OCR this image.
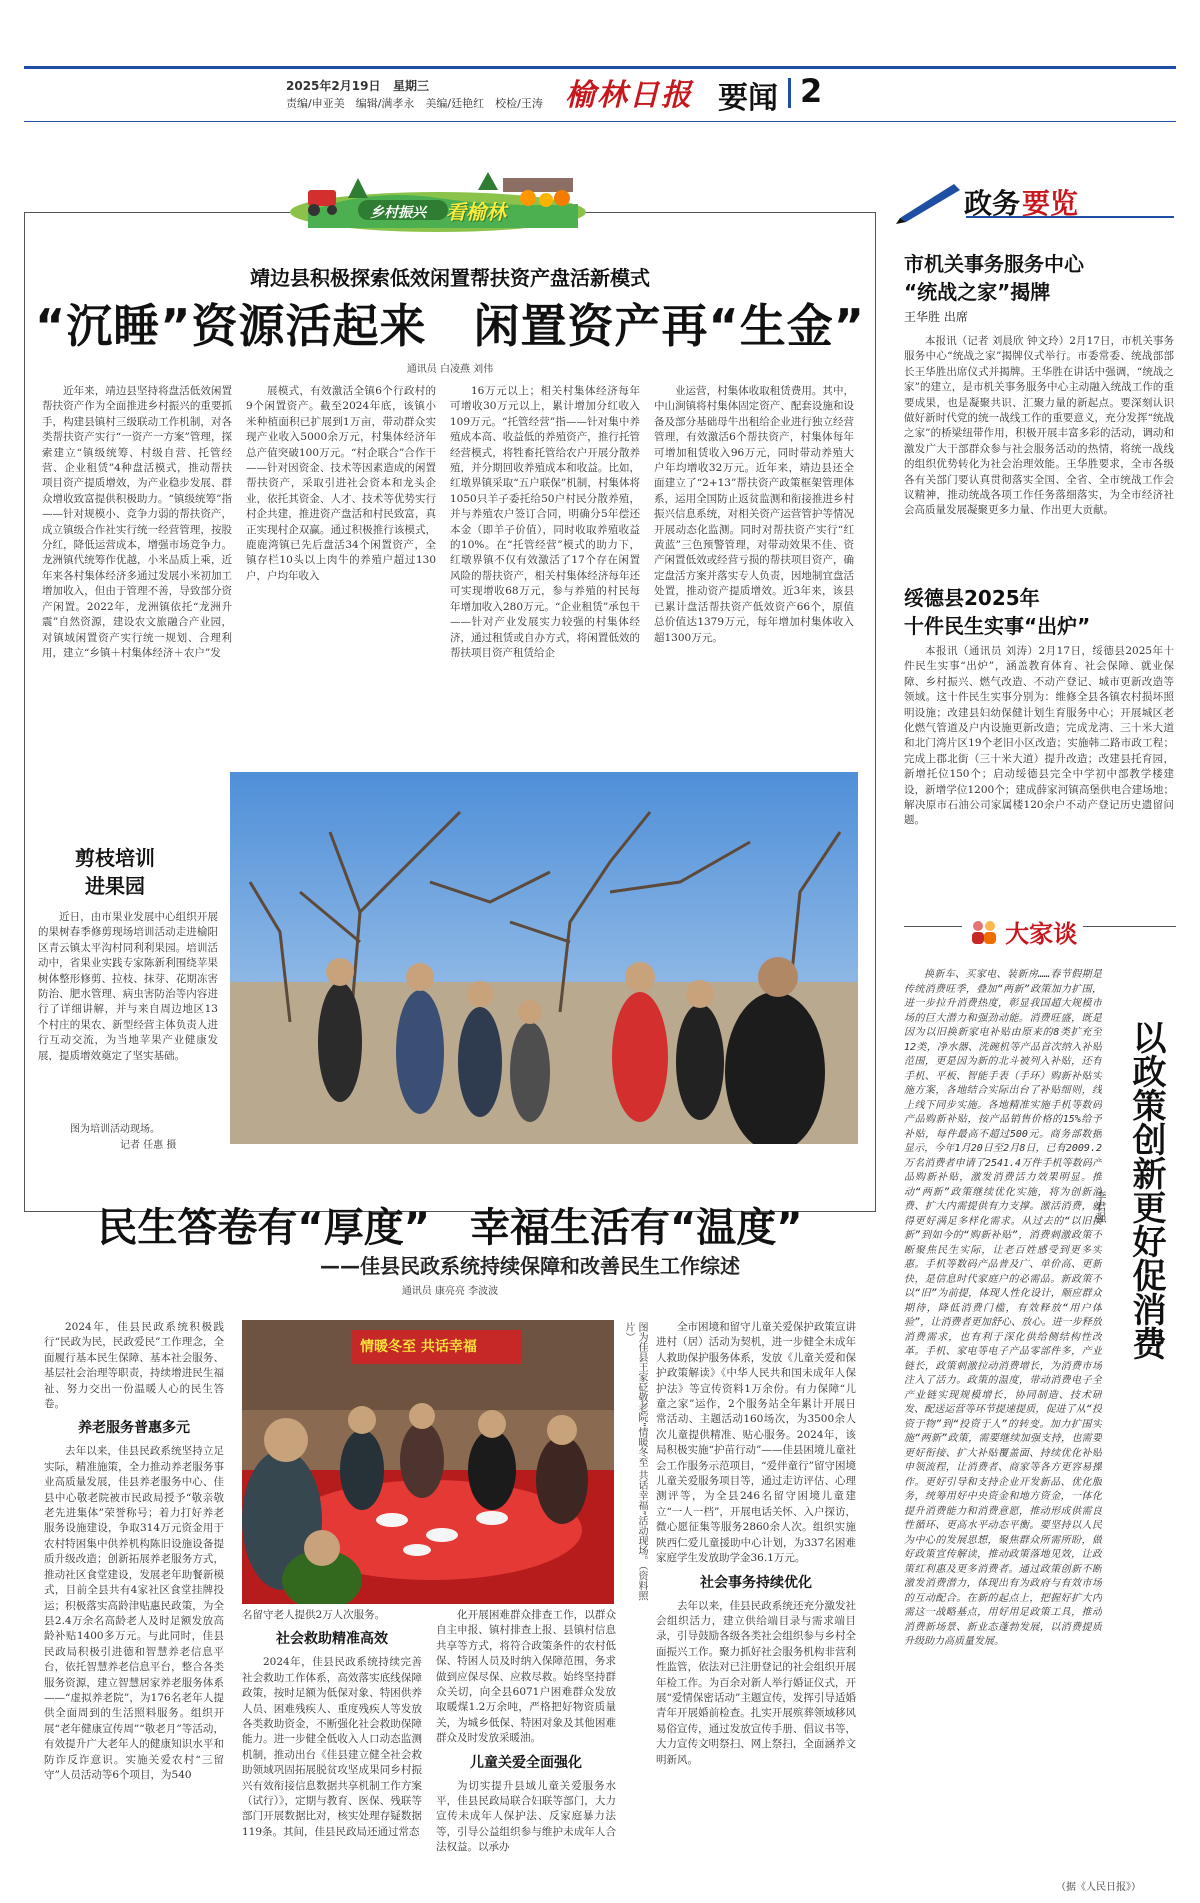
2025年2月19日 星期三
责编/申亚美　编辑/满孝永　美编/廷艳红　校检/王涛 榆林日报 要闻 2
乡村振兴 看榆林
靖边县积极探索低效闲置帮扶资产盘活新模式
“沉睡”资源活起来　闲置资产再“生金”
通讯员 白凌燕 刘伟

近年来，靖边县坚持将盘活低效闲置帮扶资产作为全面推进乡村振兴的重要抓手，构建县镇村三级联动工作机制，对各类帮扶资产实行“一资产一方案”管理，探索建立“镇级统筹、村级自营、托管经营、企业租赁”4种盘活模式，推动帮扶项目资产提质增效，为产业稳步发展、群众增收致富提供积极助力。“镇级统筹”指——针对规模小、竞争力弱的帮扶资产，成立镇级合作社实行统一经营管理，按股分红，降低运营成本，增强市场竞争力。龙洲镇代统筹作优越，小米品质上乘，近年来各村集体经济多通过发展小米初加工增加收入，但由于管理不善，导致部分资产闲置。2022年，龙洲镇依托“龙洲升震”自然资源，建设农文旅融合产业园，对镇域闲置资产实行统一规划、合理利用，建立“乡镇＋村集体经济＋农户”发

展模式，有效激活全镇6个行政村的9个闲置资产。截至2024年底，该镇小米种植面积已扩展到1万亩，带动群众实现产业收入5000余万元，村集体经济年总产值突破100万元。“村企联合”合作干——针对因资金、技术等因素造成的闲置帮扶资产，采取引进社会资本和龙头企业，依托其资金、人才、技术等优势实行村企共建，推进资产盘活和村民致富，真正实现村企双赢。通过积极推行该模式，鹿鹿湾镇已先后盘活34个闲置资产，全镇存栏10头以上肉牛的养殖户超过130户，户均年收入

16万元以上；相关村集体经济每年可增收30万元以上，累计增加分红收入109万元。“托管经营”指——针对集中养殖成本高、收益低的养殖资产，推行托管经营模式，将牲畜托管给农户开展分散养殖，并分期回收养殖成本和收益。比如，红墩界镇采取“五户联保”机制，村集体将1050只羊子委托给50户村民分散养殖，并与养殖农户签订合同，明确分5年偿还本金（即羊子价值），同时收取养殖收益的10%。在“托管经营”模式的助力下，红墩界镇不仅有效激活了17个存在闲置风险的帮扶资产，相关村集体经济每年还可实现增收68万元，参与养殖的村民每年增加收入280万元。“企业租赁”承包干——针对产业发展实力较强的村集体经济，通过租赁或自办方式，将闲置低效的帮扶项目资产租赁给企

业运营，村集体收取租赁费用。其中，中山涧镇将村集体固定资产、配套设施和设备及部分基础母牛出租给企业进行独立经营管理，有效激活6个帮扶资产，村集体每年可增加租赁收入96万元，同时带动养殖大户年均增收32万元。近年来，靖边县还全面建立了“2+13”帮扶资产政策框架管理体系，运用全国防止返贫监测和衔接推进乡村振兴信息系统，对相关资产运营管护等情况开展动态化监测。同时对帮扶资产实行“红黄蓝”三色预警管理，对带动效果不佳、资产闲置低效或经营亏损的帮扶项目资产，确定盘活方案并落实专人负责，因地制宜盘活处置，推动资产提质增效。近3年来，该县已累计盘活帮扶资产低效资产66个，原值总价值达1379万元，每年增加村集体收入超1300万元。

剪枝培训
进果园

近日，由市果业发展中心组织开展的果树春季修剪现场培训活动走进榆阳区青云镇太平沟村同利利果园。培训活动中，省果业实践专家陈新利围绕苹果树体整形修剪、拉枝、抹芽、花期冻害防治、肥水管理、病虫害防治等内容进行了详细讲解，并与来自周边地区13个村庄的果农、新型经营主体负责人进行互动交流，为当地苹果产业健康发展，提质增效奠定了坚实基础。

图为培训活动现场。
记者 任惠 摄
民生答卷有“厚度”　幸福生活有“温度”
——佳县民政系统持续保障和改善民生工作综述
通讯员 康亮亮 李波波

2024年，佳县民政系统积极践行“民政为民，民政爱民”工作理念，全面履行基本民生保障、基本社会服务、基层社会治理等职责，持续增进民生福祉、努力交出一份温暖人心的民生答卷。

养老服务普惠多元

去年以来，佳县民政系统坚持立足实际，精准施策，全力推动养老服务事业高质量发展，佳县养老服务中心、佳县中心敬老院被市民政局授予“敬亲敬老先进集体”荣誉称号；着力打好养老服务设施建设，争取314万元资金用于农村特困集中供养机构陈旧设施设备提质升级改造；创新拓展养老服务方式，推动社区食堂建设，发展老年助餐新模式，目前全县共有4家社区食堂挂牌投运；积极落实高龄津贴惠民政策，为全县2.4万余名高龄老人及时足额发放高龄补贴1400多万元。与此同时，佳县民政局积极引进德和智慧养老信息平台，依托智慧养老信息平台，整合各类服务资源，建立智慧居家养老服务体系——“虚拟养老院”，为176名老年人提供全面周到的生活照料服务。组织开展“老年健康宣传周”“敬老月”等活动，有效提升广大老年人的健康知识水平和防诈反诈意识。实施关爱农村“三留守”人员活动等6个项目，为540

情暖冬至 共话幸福	图为佳县王家砭敬老院“情暖冬至 共话幸福”活动现场。（资料照片）

名留守老人提供2万人次服务。

社会救助精准高效

2024年，佳县民政系统持续完善社会救助工作体系，高效落实底线保障政策，按时足额为低保对象、特困供养人员、困难残疾人、重度残疾人等发放各类救助资金，不断强化社会救助保障能力。进一步健全低收入人口动态监测机制，推动出台《佳县建立健全社会救助领域巩固拓展脱贫攻坚成果同乡村振兴有效衔接信息数据共享机制工作方案（试行）》，定期与教育、医保、残联等部门开展数据比对，核实处理存疑数据119条。其间，佳县民政局还通过常态

化开展困难群众排查工作，以群众自主申报、镇村排查上报、县镇村信息共享等方式，将符合政策条件的农村低保、特困人员及时纳入保障范围，务求做到应保尽保、应救尽救。始终坚持群众关切，向全县6071户困难群众发放取暖煤1.2万余吨，严格把好物资质量关，为城乡低保、特困对象及其他困难群众及时发放采暖油。

儿童关爱全面强化

为切实提升县域儿童关爱服务水平，佳县民政局联合妇联等部门，大力宣传未成年人保护法、反家庭暴力法等，引导公益组织参与维护未成年人合法权益。以承办

全市困境和留守儿童关爱保护政策宣讲进村（居）活动为契机，进一步健全未成年人救助保护服务体系，发放《儿童关爱和保护政策解读》《中华人民共和国未成年人保护法》等宣传资料1万余份。有力保障“儿童之家”运作，2个服务站全年累计开展日常活动、主题活动160场次，为3500余人次儿童提供精准、贴心服务。2024年，该局积极实施“护苗行动”——佳县困境儿童社会工作服务示范项目，“爱伴童行”留守困境儿童关爱服务项目等，通过走访评估、心理测评等，为全县246名留守困境儿童建立“一人一档”，开展电话关怀、入户探访，微心愿征集等服务2860余人次。组织实施陕西仁爱儿童援助中心计划，为337名困难家庭学生发放助学金36.1万元。

社会事务持续优化

去年以来，佳县民政系统还充分激发社会组织活力，建立供给端目录与需求端目录，引导鼓励各级各类社会组织参与乡村全面振兴工作。聚力抓好社会服务机构非营利性监管，依法对已注册登记的社会组织开展年检工作。为百余对新人举行婚证仪式，开展“爱情保密话动”主题宣传，发挥引导适婚青年开展婚前检查。扎实开展殡葬领域移风易俗宣传，通过发放宣传手册、倡议书等，大力宣传文明祭扫、网上祭扫，全面涵养文明新风。

政务 要览
市机关事务服务中心
“统战之家”揭牌
王华胜 出席

本报讯（记者 刘晨欣 钟文玲）2月17日，市机关事务服务中心“统战之家”揭牌仪式举行。市委常委、统战部部长王华胜出席仪式并揭牌。王华胜在讲话中强调，“统战之家”的建立，是市机关事务服务中心主动融入统战工作的重要成果，也是凝聚共识、汇聚力量的新起点。要深刻认识做好新时代党的统一战线工作的重要意义，充分发挥“统战之家”的桥梁纽带作用，积极开展丰富多彩的活动，调动和激发广大干部群众参与社会服务活动的热情，将统一战线的组织优势转化为社会治理效能。王华胜要求，全市各级各有关部门要认真贯彻落实全国、全省、全市统战工作会议精神，推动统战各项工作任务落细落实，为全市经济社会高质量发展凝聚更多力量、作出更大贡献。

绥德县2025年
十件民生实事“出炉”

本报讯（通讯员 刘涛）2月17日，绥德县2025年十件民生实事“出炉”，涵盖教育体育、社会保障、就业保障、乡村振兴、燃气改造、不动产登记、城市更新改造等领域。这十件民生实事分别为：维修全县各镇农村损坏照明设施；改建县妇幼保健计划生育服务中心；开展城区老化燃气管道及户内设施更新改造；完成龙湾、三十米大道和北门湾片区19个老旧小区改造；实施韩二路市政工程；完成上郡北街（三十米大道）提升改造；改建县托育园，新增托位150个；启动绥德县完全中学初中部教学楼建设，新增学位1200个；建成薛家河镇高堡供电合建场地；解决原市石油公司家属楼120余户不动产登记历史遗留问题。

大家谈

换新车、买家电、装新房……春节假期是传统消费旺季，叠加“两新”政策加力扩围，进一步拉升消费热度，彰显我国超大规模市场的巨大潜力和强劲动能。消费旺盛，既是因为以旧换新家电补贴由原来的8类扩充至12类，净水器、洗碗机等产品首次纳入补贴范围，更是因为新的北斗被列入补贴，还有手机、平板、智能手表（手环）购新补贴实施方案，各地结合实际出台了补贴细则，线上线下同步实施。各地精准实施手机等数码产品购新补贴，按产品销售价格的15%给予补贴，每件最高不超过500元。商务部数据显示，今年1月20日至2月8日，已有2009.2万名消费者申请了2541.4万件手机等数码产品购新补贴，激发消费活力效果明显。推动“两新”政策继续优化实施，将为创新消费、扩大内需提供有力支撑。激活消费，就得更好满足多样化需求。从过去的“以旧换新”到如今的“购新补贴”，消费刺激政策不断聚焦民生实际，让老百姓感受到更多实惠。手机等数码产品普及广、单价高、更新快，是信息时代家庭户的必需品。新政策不以“旧”为前提，体现人性化设计，顺应群众期待，降低消费门槛，有效释放“用户体验”，让消费者更加舒心、放心。进一步释放消费需求，也有利于深化供给侧结构性改革。手机、家电等电子产品零部件多，产业链长，政策刺激拉动消费增长，为消费市场注入了活力。政策的温度，带动消费电子全产业链实现规模增长，协同制造、技术研发、配送运营等环节提速提质，促进了从“投资于物”到“投资于人”的转变。加力扩围实施“两新”政策，需要继续加强支持，也需要更好衔接、扩大补贴覆盖面、持续优化补贴申领流程，让消费者、商家等各方更容易操作。更好引导和支持企业开发新品、优化服务，统筹用好中央资金和地方资金，一体化提升消费能力和消费意愿，推动形成供需良性循环、更高水平动态平衡。要坚持以人民为中心的发展思想，聚焦群众所需所盼，做好政策宣传解读，推动政策落地见效，让政策红利惠及更多消费者。通过政策创新不断激发消费潜力，体现出有为政府与有效市场的互动配合。在新的起点上，把握好扩大内需这一战略基点，用好用足政策工具，推动消费新场景、新业态蓬勃发展，以消费提质升级助力高质量发展。

以政策创新更好促消费
李君强
（据《人民日报》）
